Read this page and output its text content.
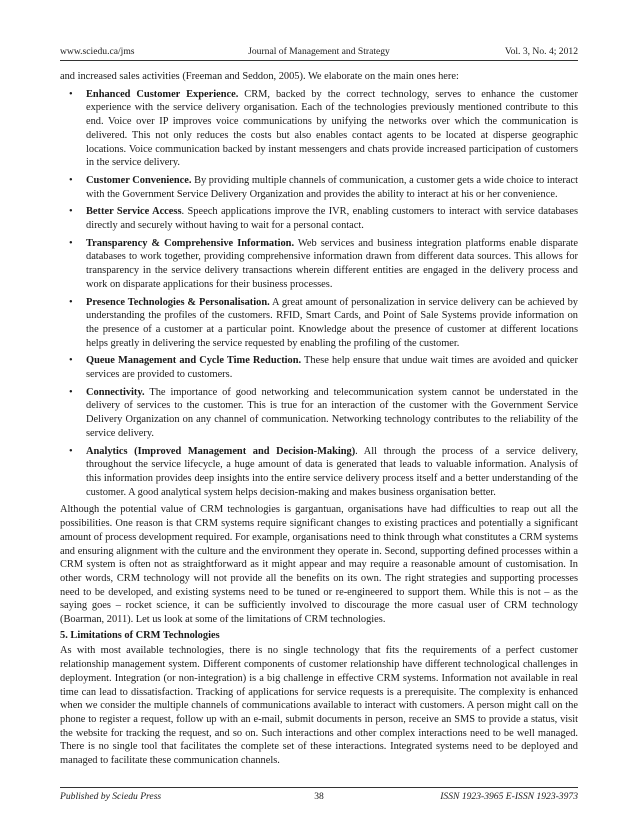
www.sciedu.ca/jms	Journal of Management and Strategy	Vol. 3, No. 4; 2012

and increased sales activities (Freeman and Seddon, 2005). We elaborate on the main ones here:

• Enhanced Customer Experience. CRM, backed by the correct technology, serves to enhance the customer experience with the service delivery organisation. Each of the technologies previously mentioned contribute to this end. Voice over IP improves voice communications by unifying the networks over which the communication is delivered. This not only reduces the costs but also enables contact agents to be located at disperse geographic locations. Voice communication backed by instant messengers and chats provide increased participation of customers in the service delivery.
• Customer Convenience. By providing multiple channels of communication, a customer gets a wide choice to interact with the Government Service Delivery Organization and provides the ability to interact at his or her convenience.
• Better Service Access. Speech applications improve the IVR, enabling customers to interact with service databases directly and securely without having to wait for a personal contact.
• Transparency & Comprehensive Information. Web services and business integration platforms enable disparate databases to work together, providing comprehensive information drawn from different data sources. This allows for transparency in the service delivery transactions wherein different entities are engaged in the delivery process and work on disparate applications for their business processes.
• Presence Technologies & Personalisation. A great amount of personalization in service delivery can be achieved by understanding the profiles of the customers. RFID, Smart Cards, and Point of Sale Systems provide information on the presence of a customer at a particular point. Knowledge about the presence of customer at different locations helps greatly in delivering the service requested by enabling the profiling of the customer.
• Queue Management and Cycle Time Reduction. These help ensure that undue wait times are avoided and quicker services are provided to customers.
• Connectivity. The importance of good networking and telecommunication system cannot be understated in the delivery of services to the customer. This is true for an interaction of the customer with the Government Service Delivery Organization on any channel of communication. Networking technology contributes to the reliability of the service delivery.
• Analytics (Improved Management and Decision-Making). All through the process of a service delivery, throughout the service lifecycle, a huge amount of data is generated that leads to valuable information. Analysis of this information provides deep insights into the entire service delivery process itself and a better understanding of the customer. A good analytical system helps decision-making and makes business organisation better.

Although the potential value of CRM technologies is gargantuan, organisations have had difficulties to reap out all the possibilities. One reason is that CRM systems require significant changes to existing practices and potentially a significant amount of process development required. For example, organisations need to think through what constitutes a CRM systems and ensuring alignment with the culture and the environment they operate in. Second, supporting defined processes within a CRM system is often not as straightforward as it might appear and may require a reasonable amount of customisation. In other words, CRM technology will not provide all the benefits on its own. The right strategies and supporting processes need to be developed, and existing systems need to be tuned or re-engineered to support them. While this is not – as the saying goes – rocket science, it can be sufficiently involved to discourage the more casual user of CRM technology (Boarman, 2011). Let us look at some of the limitations of CRM technologies.

5. Limitations of CRM Technologies

As with most available technologies, there is no single technology that fits the requirements of a perfect customer relationship management system. Different components of customer relationship have different technological challenges in deployment. Integration (or non-integration) is a big challenge in effective CRM systems. Information not available in real time can lead to dissatisfaction. Tracking of applications for service requests is a prerequisite. The complexity is enhanced when we consider the multiple channels of communications available to interact with customers. A person might call on the phone to register a request, follow up with an e-mail, submit documents in person, receive an SMS to provide a status, visit the website for tracking the request, and so on. Such interactions and other complex interactions need to be well managed. There is no single tool that facilitates the complete set of these interactions. Integrated systems need to be deployed and managed to facilitate these communication channels.

Published by Sciedu Press	38	ISSN 1923-3965 E-ISSN 1923-3973
